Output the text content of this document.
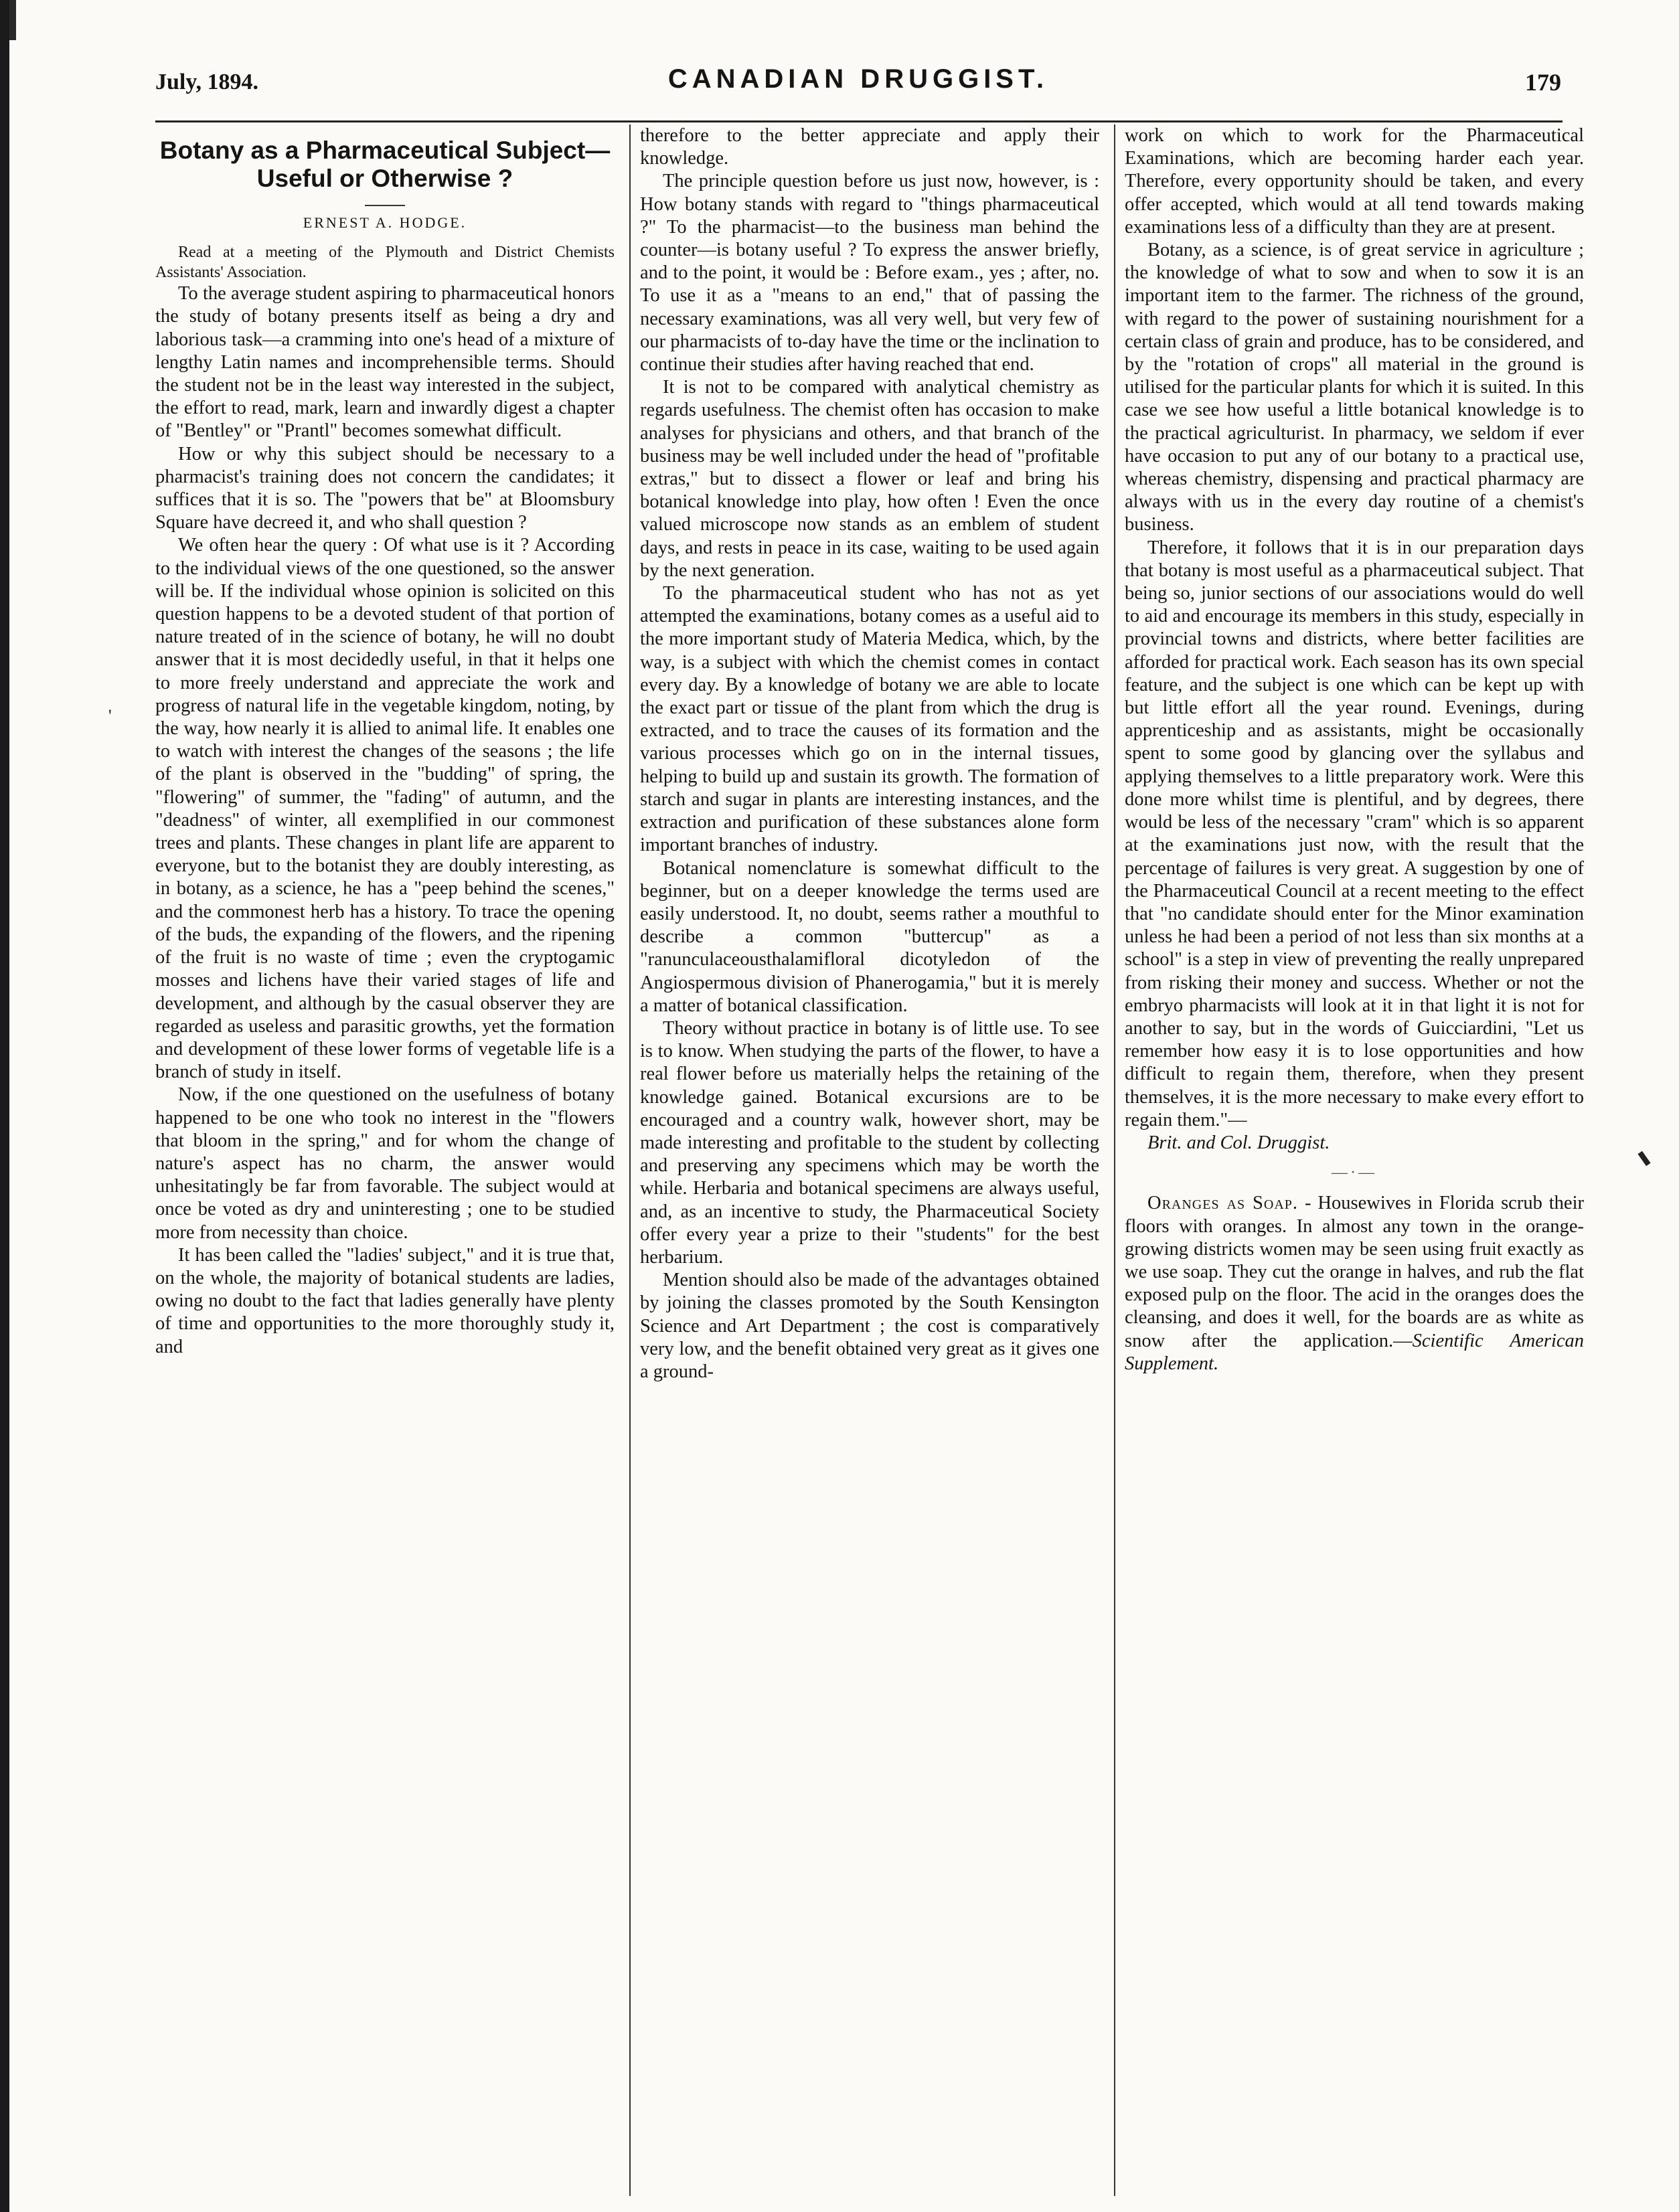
'
July, 1894.	CANADIAN DRUGGIST.	179
Botany as a Pharmaceutical Subject—Useful or Otherwise ?
ERNEST A. HODGE.

Read at a meeting of the Plymouth and District Chemists Assistants' Association.

To the average student aspiring to pharmaceutical honors the study of botany presents itself as being a dry and laborious task—a cramming into one's head of a mixture of lengthy Latin names and incomprehensible terms. Should the student not be in the least way interested in the subject, the effort to read, mark, learn and inwardly digest a chapter of "Bentley" or "Prantl" becomes somewhat difficult.

How or why this subject should be necessary to a pharmacist's training does not concern the candidates; it suffices that it is so. The "powers that be" at Bloomsbury Square have decreed it, and who shall question ?

We often hear the query : Of what use is it ? According to the individual views of the one questioned, so the answer will be. If the individual whose opinion is solicited on this question happens to be a devoted student of that portion of nature treated of in the science of botany, he will no doubt answer that it is most decidedly useful, in that it helps one to more freely understand and appreciate the work and progress of natural life in the vegetable kingdom, noting, by the way, how nearly it is allied to animal life. It enables one to watch with interest the changes of the seasons ; the life of the plant is observed in the "budding" of spring, the "flowering" of summer, the "fading" of autumn, and the "deadness" of winter, all exemplified in our commonest trees and plants. These changes in plant life are apparent to everyone, but to the botanist they are doubly interesting, as in botany, as a science, he has a "peep behind the scenes," and the commonest herb has a history. To trace the opening of the buds, the expanding of the flowers, and the ripening of the fruit is no waste of time ; even the cryptogamic mosses and lichens have their varied stages of life and development, and although by the casual observer they are regarded as useless and parasitic growths, yet the formation and development of these lower forms of vegetable life is a branch of study in itself.

Now, if the one questioned on the usefulness of botany happened to be one who took no interest in the "flowers that bloom in the spring," and for whom the change of nature's aspect has no charm, the answer would unhesitatingly be far from favorable. The subject would at once be voted as dry and uninteresting ; one to be studied more from necessity than choice.

It has been called the "ladies' subject," and it is true that, on the whole, the majority of botanical students are ladies, owing no doubt to the fact that ladies generally have plenty of time and opportunities to the more thoroughly study it, and

therefore to the better appreciate and apply their knowledge.

The principle question before us just now, however, is : How botany stands with regard to "things pharmaceutical ?" To the pharmacist—to the business man behind the counter—is botany useful ? To express the answer briefly, and to the point, it would be : Before exam., yes ; after, no. To use it as a "means to an end," that of passing the necessary examinations, was all very well, but very few of our pharmacists of to-day have the time or the inclination to continue their studies after having reached that end.

It is not to be compared with analytical chemistry as regards usefulness. The chemist often has occasion to make analyses for physicians and others, and that branch of the business may be well included under the head of "profitable extras," but to dissect a flower or leaf and bring his botanical knowledge into play, how often ! Even the once valued microscope now stands as an emblem of student days, and rests in peace in its case, waiting to be used again by the next generation.

To the pharmaceutical student who has not as yet attempted the examinations, botany comes as a useful aid to the more important study of Materia Medica, which, by the way, is a subject with which the chemist comes in contact every day. By a knowledge of botany we are able to locate the exact part or tissue of the plant from which the drug is extracted, and to trace the causes of its formation and the various processes which go on in the internal tissues, helping to build up and sustain its growth. The formation of starch and sugar in plants are interesting instances, and the extraction and purification of these substances alone form important branches of industry.

Botanical nomenclature is somewhat difficult to the beginner, but on a deeper knowledge the terms used are easily understood. It, no doubt, seems rather a mouthful to describe a common "buttercup" as a "ranunculaceousthalamifloral dicotyledon of the Angiospermous division of Phanerogamia," but it is merely a matter of botanical classification.

Theory without practice in botany is of little use. To see is to know. When studying the parts of the flower, to have a real flower before us materially helps the retaining of the knowledge gained. Botanical excursions are to be encouraged and a country walk, however short, may be made interesting and profitable to the student by collecting and preserving any specimens which may be worth the while. Herbaria and botanical specimens are always useful, and, as an incentive to study, the Pharmaceutical Society offer every year a prize to their "students" for the best herbarium.

Mention should also be made of the advantages obtained by joining the classes promoted by the South Kensington Science and Art Department ; the cost is comparatively very low, and the benefit obtained very great as it gives one a ground-

work on which to work for the Pharmaceutical Examinations, which are becoming harder each year. Therefore, every opportunity should be taken, and every offer accepted, which would at all tend towards making examinations less of a difficulty than they are at present.

Botany, as a science, is of great service in agriculture ; the knowledge of what to sow and when to sow it is an important item to the farmer. The richness of the ground, with regard to the power of sustaining nourishment for a certain class of grain and produce, has to be considered, and by the "rotation of crops" all material in the ground is utilised for the particular plants for which it is suited. In this case we see how useful a little botanical knowledge is to the practical agriculturist. In pharmacy, we seldom if ever have occasion to put any of our botany to a practical use, whereas chemistry, dispensing and practical pharmacy are always with us in the every day routine of a chemist's business.

Therefore, it follows that it is in our preparation days that botany is most useful as a pharmaceutical subject. That being so, junior sections of our associations would do well to aid and encourage its members in this study, especially in provincial towns and districts, where better facilities are afforded for practical work. Each season has its own special feature, and the subject is one which can be kept up with but little effort all the year round. Evenings, during apprenticeship and as assistants, might be occasionally spent to some good by glancing over the syllabus and applying themselves to a little preparatory work. Were this done more whilst time is plentiful, and by degrees, there would be less of the necessary "cram" which is so apparent at the examinations just now, with the result that the percentage of failures is very great. A suggestion by one of the Pharmaceutical Council at a recent meeting to the effect that "no candidate should enter for the Minor examination unless he had been a period of not less than six months at a school" is a step in view of preventing the really unprepared from risking their money and success. Whether or not the embryo pharmacists will look at it in that light it is not for another to say, but in the words of Guicciardini, "Let us remember how easy it is to lose opportunities and how difficult to regain them, therefore, when they present themselves, it is the more necessary to make every effort to regain them."—

Brit. and Col. Druggist.

—·—

Oranges as Soap. - Housewives in Florida scrub their floors with oranges. In almost any town in the orange-growing districts women may be seen using fruit exactly as we use soap. They cut the orange in halves, and rub the flat exposed pulp on the floor. The acid in the oranges does the cleansing, and does it well, for the boards are as white as snow after the application.—Scientific American Supplement.
